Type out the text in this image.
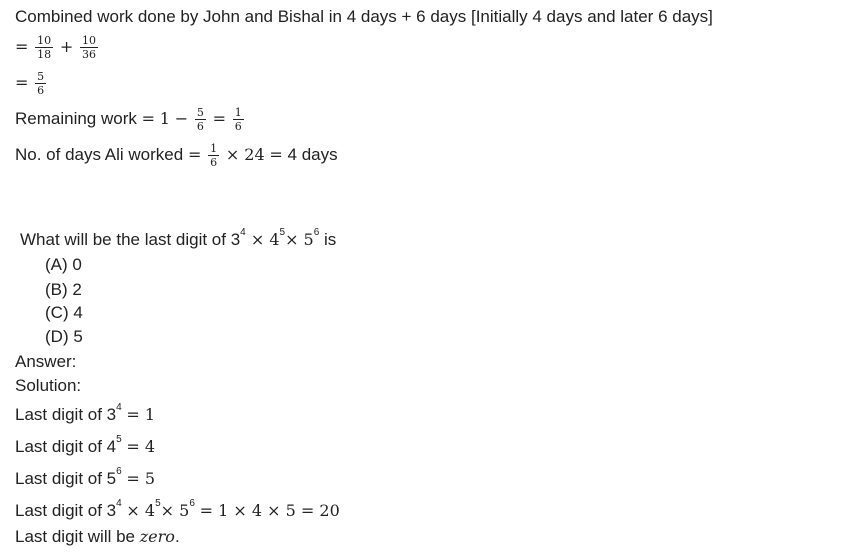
Combined work done by John and Bishal in 4 days + 6 days [Initially 4 days and later 6 days]
= $\frac{10}{18} + \frac{10}{36}$
= $\frac{5}{6}$
Remaining work = $1 - \frac{5}{6} = \frac{1}{6}$
No. of days Ali worked = $\frac{1}{6} \times 24 = 4$ days
What will be the last digit of $3^4 \times 4^5\times 5^6$ is
(A) 0
(B) 2
(C) 4
(D) 5
Answer:
Solution:
Last digit of $3^4 = 1$
Last digit of $4^5 = 4$
Last digit of $5^6 = 5$
Last digit of $3^4 \times 4^5\times 5^6 = 1 \times 4 \times 5 = 20$
Last digit will be zero.
